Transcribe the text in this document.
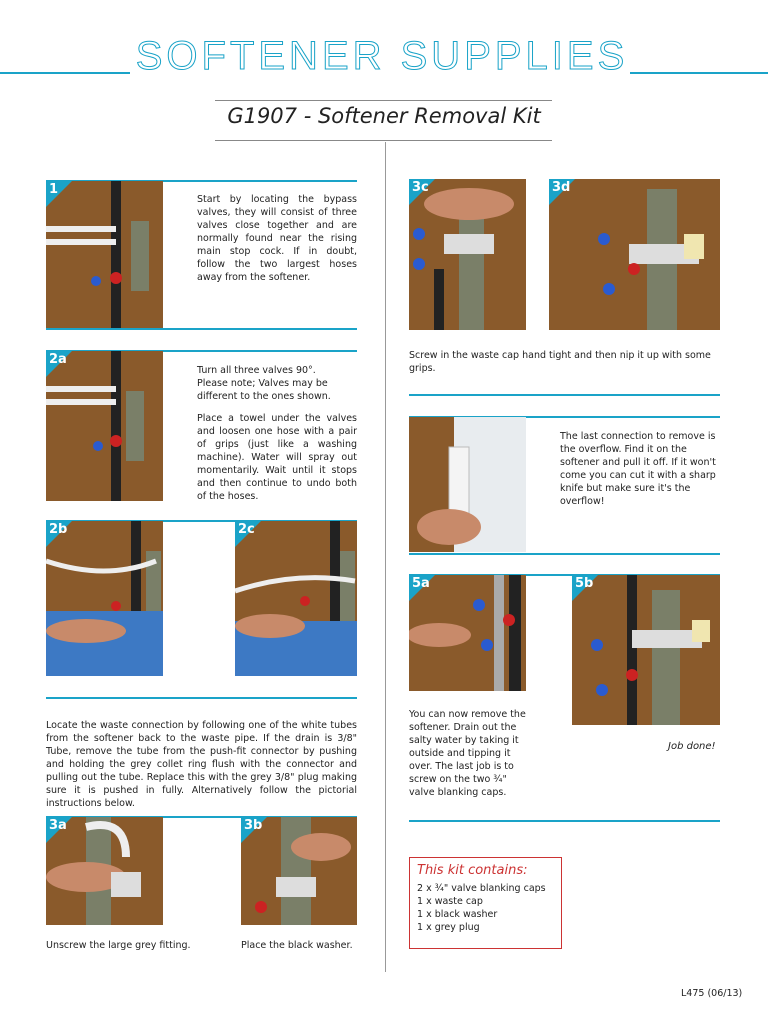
SOFTENER SUPPLIES
G1907 - Softener Removal Kit
1
Start by locating the bypass valves, they will consist of three valves close together and are normally found near the rising main stop cock. If in doubt, follow the two largest hoses away from the softener.
2a
Turn all three valves 90°.
Please note; Valves may be different to the ones shown.
Place a towel under the valves and loosen one hose with a pair of grips (just like a washing machine). Water will spray out momentarily. Wait until it stops and then continue to undo both of the hoses.
2b	2c
Locate the waste connection by following one of the white tubes from the softener back to the waste pipe. If the drain is 3/8" Tube, remove the tube from the push-fit connector by pushing and holding the grey collet ring flush with the connector and pulling out the tube. Replace this with the grey 3/8" plug making sure it is pushed in fully. Alternatively follow the pictorial instructions below.
3a	3b
Unscrew the large grey fitting.	Place the black washer.
3c	3d
Screw in the waste cap hand tight and then nip it up with some grips.
The last connection to remove is the overflow. Find it on the softener and pull it off. If it won't come you can cut it with a sharp knife but make sure it's the overflow!
5a	5b
You can now remove the softener. Drain out the salty water by taking it outside and tipping it over. The last job is to screw on the two ¾" valve blanking caps.
Job done!
This kit contains:
2 x ¾" valve blanking caps
1 x waste cap
1 x black washer
1 x grey plug
L475 (06/13)
